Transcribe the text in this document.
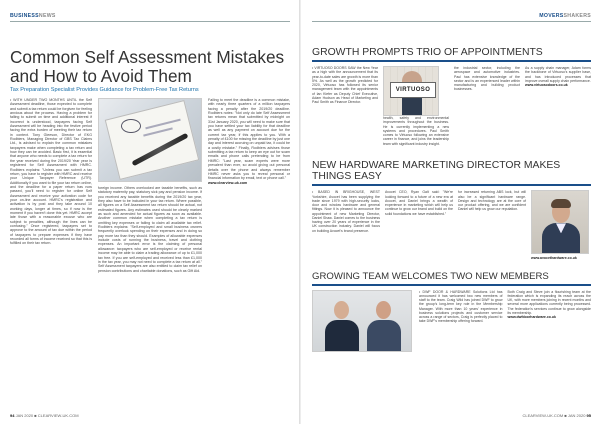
BUSINESSNEWS
Common Self Assessment Mistakes and How to Avoid Them
Tax Preparation Specialist Provides Guidance for Problem-Free Tax Returns
• WITH UNDER TWO MONTHS UNTIL the Self Assessment deadline, those expected to complete and submit a tax return could be forgiven for feeling anxious about the process. Having a problem for falling to submit on time and additional interest if incorrect is understood, taxpayers facing Self Assessment will be heading into the festive period facing the extra burden of meeting their tax return in context. Tony Gleeson, Director of EKG Rodbiers, Managing Director of GBS Tax Claims Ltd., is advised to explain the common mistakes taxpayers make when completing a tax return and how they can be avoided. Basic first, it is essential that anyone who needs to complete a tax return for the year received during the 2019/20 Year year is registered for Self Assessment with HMRC. Rodbiers explains: "Unless you can submit a tax return, you have to register with HMRC and receive your Unique Taxpayer Reference (UTR). Additionally if you want to file your tax return online, and the deadline for a paper return has now passed, you'll need to register for online Self Assessment and receive your activation code for your on-line account. HMRC's registration and activation is by post and they take around 10 working days, longer at times, so if now is the moment if you haven't done this yet. HMRC accept late those with a reasonable excuse who are subject to penalties, although the lines can be confusing." Once registered, taxpayers set to approve to the amount of tax due within the period of taxpayers to prepare expenses if they have recorded all forms of income received so that this is fulfilled on their tax return.
foreign income. Others overlooked are taxable benefits, such as statutory maternity pay, statutory sick pay and pension income. If you received any taxable benefits during the 2019/20 tax year, they also have to be included in your tax return. Where possible, all figures on a Self Assessment tax return should be actual, not estimated figures. Any estimates used should be clearly marked as such and amended for actual figures as soon as available. Another common mistake when completing a tax return is omitting key expenses or failing to claim all available tax relief. Rodbiers explains: "Self-employed and small business owners frequently overlook spending on their expenses and in doing so pay more tax than they should. Examples of allowable expenses include costs of running the business, travel and clothing expenses. An important error is the claiming of personal allowance: taxpayers who are self-employed or receive rental income may be able to claim a trading allowance of up to £1,000 tax free. If you are self-employed and received less than £1,000 in the tax year, you may not need to complete a tax return at all." Self Assessment taxpayers are also entitled to claim tax relief on pension contributions and charitable donations, such as Gift Aid.
Failing to meet the deadline is a common mistake, with nearly three quarters of a million taxpayers facing a penalty after the 2019/20 deadline. Rodbiers notes: "Not only do late Self Assessment tax returns mean that submitted by midnight on 31st January 2020, you will need to make sure that you have settled your tax liability for that deadline as well as any payment on account due for the current tax year, if this applies to you. With a penalty of £100 for missing the deadline by just one day and interest accruing on unpaid tax, it could be a costly mistake." Finally, Rodbiers advises those submitting a tax return to keep an eye out for scam emails and phone calls pretending to be from HMRC: "Last year, scam experts were more prevalent than ever, so avoid giving out personal details over the phone and always remember HMRC never asks you to reveal personal or financial information by email, text or phone call."
www.clearview-uk.com
94 JAN 2020 ■ CLEARVIEW-UK.COM
MOVERSSHAKERS
GROWTH PROMPTS TRIO OF APPOINTMENTS
• VIRTUOSO DOORS SAW the New Year as a high with the announcement that its year-to-date sales are growth is more than 5%. As well as the growth predicted for 2020, Virtuoso has followed its senior management team with the appointments of Ian Kiefer as Deputy Chief Executive, Adam Hudson as Head of Marketing and Paul Smith as Finance Director.
VIRTUOSO
health, safety and environmental improvements throughout the business. He is currently implementing a new systems and procedures. Paul Smith comes to Virtuoso following an extensive career in finance, and joins the leadership team with significant industry insight.
the industrial sector, including the aerospace and automotive industries. Paul has extensive knowledge of the sector and is an experienced leader within manufacturing and building product businesses.
As a supply chain manager, Adam forms the backbone of Virtuoso's supplier base, and has introduced processes that improve overall supply chain performance.
www.virtuosodoors.co.uk
NEW HARDWARE MARKETING DIRECTOR MAKES THINGS EASY
• BASED IN BRIGHOUSE, WEST Yorkshire, Avocet has been supplying the trade since 1979 with high-security locks, door and window hardware and general fittings. Now it is pleased to announce the appointment of new Marketing Director, Daniel Shaw. Daniel comes to the business having over 20 years of experience in the UK construction industry. Daniel will focus on building Avocet's brand presence.
Avocet CEO, Ryan Galt said: "We're looking forward to a future of a new era at Avocet, and Daniel brings a wealth of experience in marketing which will help us continue to grow our brand and build on the solid foundations we have established."
for increased returning ABS lock, but will also be a significant hardware range. Design and technology are at the core of our product offering, and we are confident Daniel will help us grow our reputation.
www.avocethardware.co.uk
GROWING TEAM WELCOMES TWO NEW MEMBERS
• DWF DOOR & HARDWARE Solutions Ltd has announced it has welcomed two new members of staff to the team. Craig Wild has joined DWF to grow the group's long-term key role in the Membership Manager. With more than 10 years' experience in business solutions projects and customer service across a range of sectors, Craig is perfectly placed to take DWF's membership offering forward.
Both Craig and Steve join a flourishing team at the federation which is expanding its reach across the UK, with more members joining in recent months and several more applications currently being processed. The federation's services continue to grow alongside its membership.
www.dwfdoorhardware.co.uk
CLEARVIEW-UK.COM ■ JAN 2020 95
